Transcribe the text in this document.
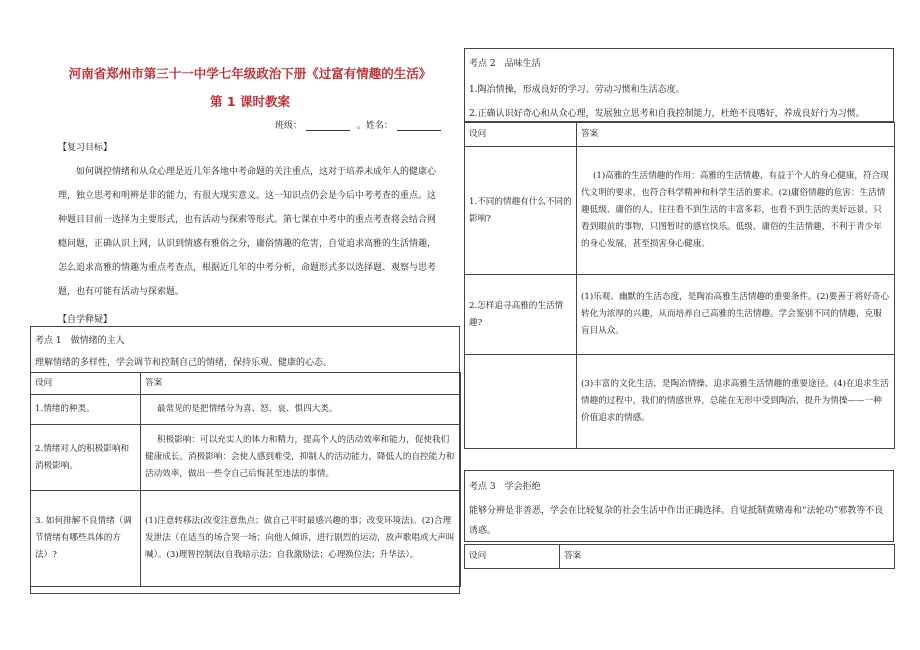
河南省郑州市第三十一中学七年级政治下册《过富有情趣的生活》
第 1 课时教案
班级：	。姓名：
【复习目标】
如何调控情绪和从众心理是近几年各地中考命题的关注重点，这对于培养未成年人的健康心理，独立思考和明辨是非的能力，有很大现实意义。这一知识点仍会是今后中考考查的重点。这种题目目前一选择为主要形式，也有活动与探索等形式。第七课在中考中的重点考查将会结合网瘾问题，正确认识上网，认识到情感有雅俗之分，庸俗情趣的危害，自觉追求高雅的生活情趣，怎么追求高雅的情趣为重点考查点，根据近几年的中考分析，命题形式多以选择题、观察与思考题，也有可能有活动与探索题。
【自学释疑】
考点 1　做情绪的主人
理解情绪的多样性，学会调节和控制自己的情绪，保持乐观、健康的心态。
设问	答案
1.情绪的种类。	最常见的是把情绪分为喜、怒、哀、惧四大类。
2.情绪对人的积极影响和消极影响。	积极影响：可以充实人的体力和精力，提高个人的活动效率和能力，促使我们健康成长。消极影响：会使人感到难受，抑制人的活动能力，降低人的自控能力和活动效率，做出一些令自己后悔甚至违法的事情。
3. 如何排解不良情绪（调节情绪有哪些具体的方法）?	(1)注意转移法(改变注意焦点；做自己平时最感兴趣的事；改变环境法)。(2)合理发泄法（在适当的场合哭一场；向他人倾诉，进行剧烈的运动，放声歌唱或大声叫喊）。(3)理智控制法(自我暗示法；自我激励法；心理换位法；升华法）。
考点 2　品味生活
1.陶冶情操，形成良好的学习、劳动习惯和生活态度。
2.正确认识好奇心和从众心理，发展独立思考和自我控制能力，杜绝不良嗜好，养成良好行为习惯。
设问	答案
1.不同的情趣有什么不同的影响?	(1)高雅的生活情趣的作用：高雅的生活情趣，有益于个人的身心健康，符合现代文明的要求，也符合科学精神和科学生活的要求。(2)庸俗情趣的危害：生活情趣低级、庸俗的人，往往看不到生活的丰富多彩，也看不到生活的美好远景，只看到眼前的事物，只图暂时的感官快乐。低级、庸俗的生活情趣，不利于青少年的身心发展，甚至损害身心健康。
2.怎样追寻高雅的生活情趣?	(1)乐观、幽默的生活态度，是陶冶高雅生活情趣的重要条件。(2)要善于将好奇心转化为浓厚的兴趣，从而培养自己高雅的生活情趣。学会鉴别不同的情趣，克服盲目从众。
	(3)丰富的文化生活，是陶冶情操、追求高雅生活情趣的重要途径。(4)在追求生活情趣的过程中，我们的情感世界，总能在无形中受到陶冶，提升为情操——一种价值追求的情感。
考点 3　学会拒绝
能够分辨是非善恶，学会在比较复杂的社会生活中作出正确选择。自觉抵制黄赌毒和“法轮功”邪教等不良诱惑。
设问	答案
